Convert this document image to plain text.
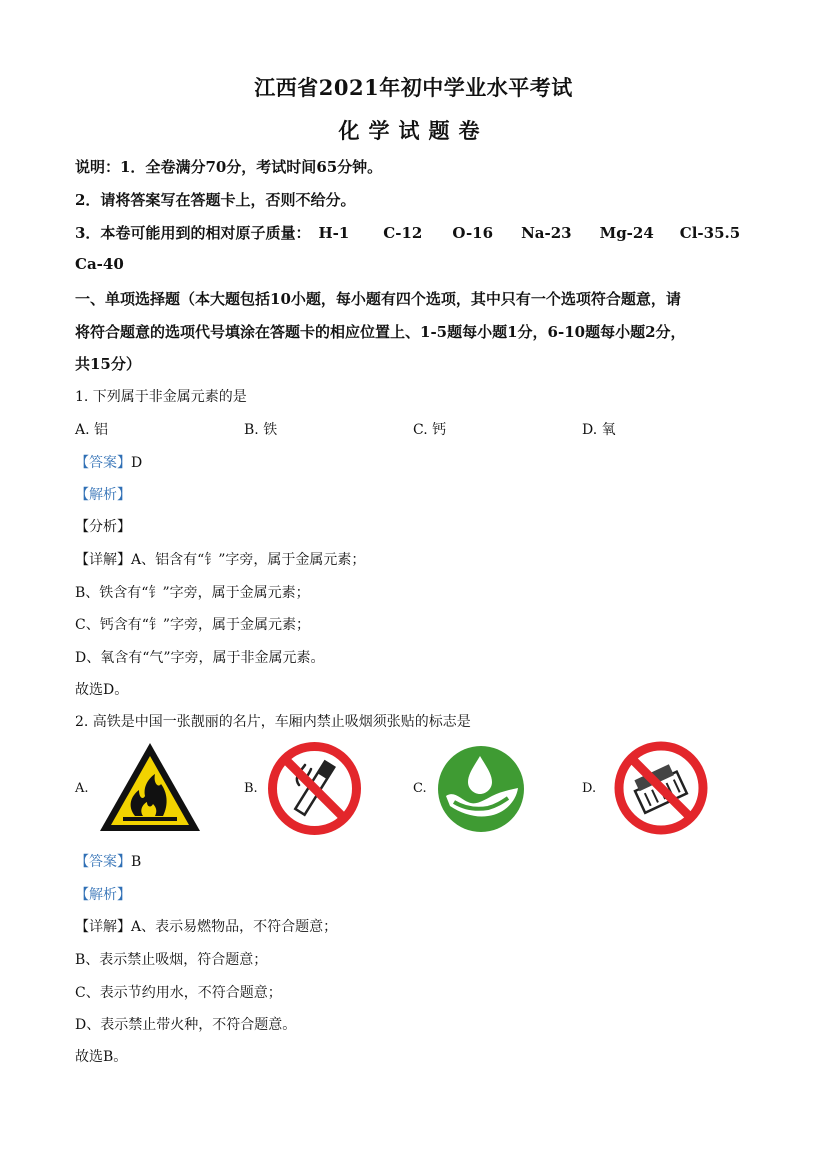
江西省2021年初中学业水平考试
化学试题卷
说明：1．全卷满分70分，考试时间65分钟。
2．请将答案写在答题卡上，否则不给分。
3．本卷可能用到的相对原子质量： H-1 C-12 O-16 Na-23 Mg-24 Cl-35.5
Ca-40
一、单项选择题（本大题包括10小题，每小题有四个选项，其中只有一个选项符合题意，请
将符合题意的选项代号填涂在答题卡的相应位置上、1-5题每小题1分，6-10题每小题2分，
共15分）
1. 下列属于非金属元素的是
A. 铝	B. 铁	C. 钙	D. 氧
【答案】D
【解析】
【分析】
【详解】A、铝含有“钅”字旁，属于金属元素；
B、铁含有“钅”字旁，属于金属元素；
C、钙含有“钅”字旁，属于金属元素；
D、氧含有“气”字旁，属于非金属元素。
故选D。
2. 高铁是中国一张靓丽的名片，车厢内禁止吸烟须张贴的标志是
A.	B.	C.	D.
【答案】B
【解析】
【详解】A、表示易燃物品，不符合题意；
B、表示禁止吸烟，符合题意；
C、表示节约用水，不符合题意；
D、表示禁止带火种，不符合题意。
故选B。
